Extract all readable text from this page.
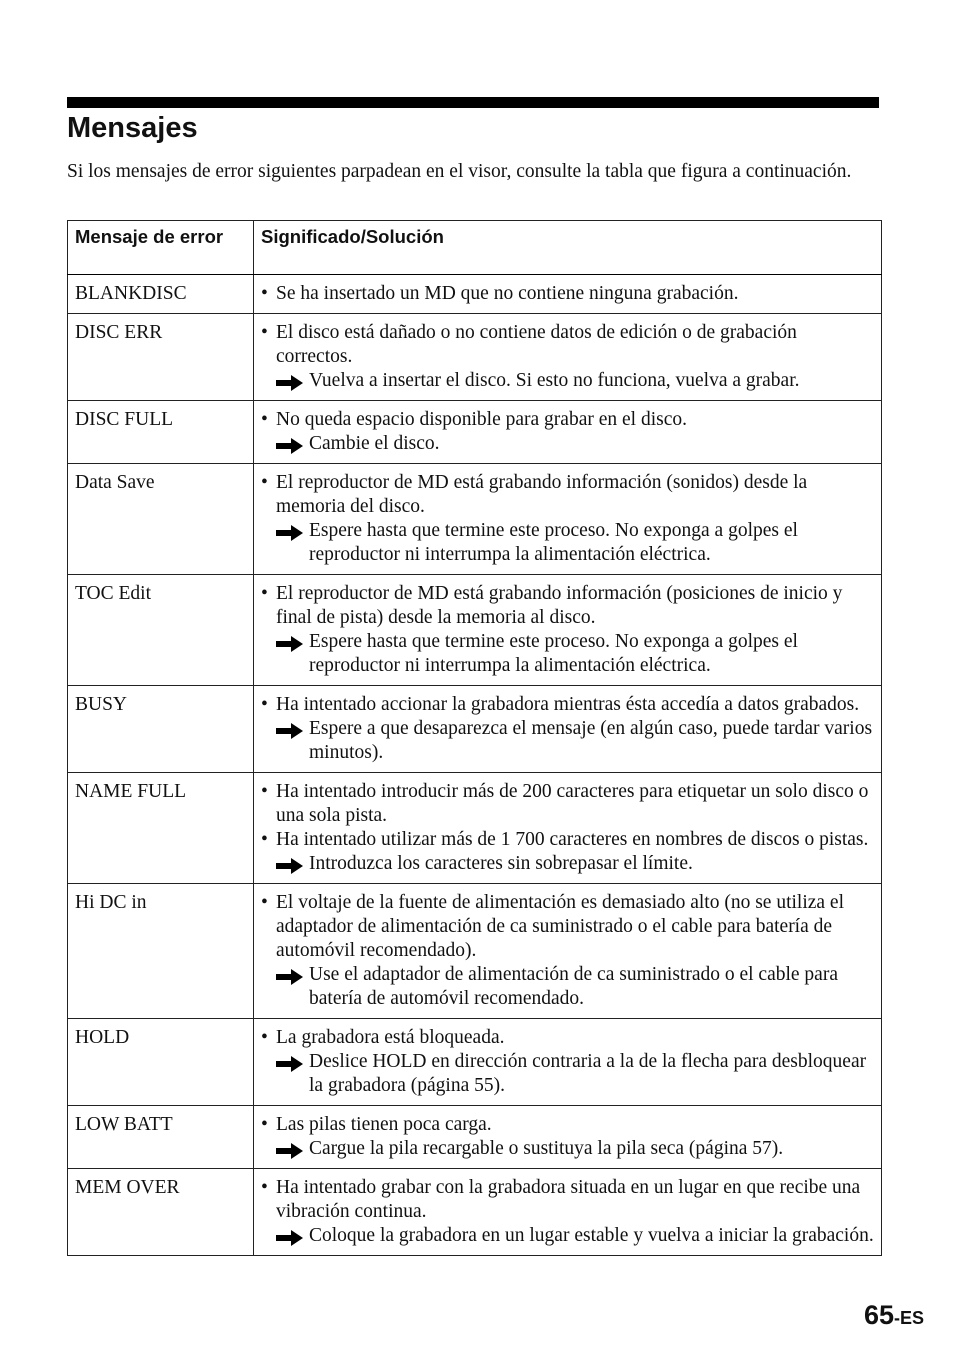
Mensajes

Si los mensajes de error siguientes parpadean en el visor, consulte la tabla que figura a continuación.

Mensaje de error	Significado/Solución
BLANKDISC	• Se ha insertado un MD que no contiene ninguna grabación.

DISC ERR	• El disco está dañado o no contiene datos de edición o de grabación correctos.
Vuelva a insertar el disco. Si esto no funciona, vuelva a grabar.

DISC FULL	• No queda espacio disponible para grabar en el disco.
Cambie el disco.

Data Save	• El reproductor de MD está grabando información (sonidos) desde la memoria del disco.
Espere hasta que termine este proceso. No exponga a golpes el reproductor ni interrumpa la alimentación eléctrica.

TOC Edit	• El reproductor de MD está grabando información (posiciones de inicio y final de pista) desde la memoria al disco.
Espere hasta que termine este proceso. No exponga a golpes el reproductor ni interrumpa la alimentación eléctrica.

BUSY	• Ha intentado accionar la grabadora mientras ésta accedía a datos grabados.
Espere a que desaparezca el mensaje (en algún caso, puede tardar varios minutos).

NAME FULL	• Ha intentado introducir más de 200 caracteres para etiquetar un solo disco o una sola pista.
• Ha intentado utilizar más de 1 700 caracteres en nombres de discos o pistas.
Introduzca los caracteres sin sobrepasar el límite.

Hi DC in	• El voltaje de la fuente de alimentación es demasiado alto (no se utiliza el adaptador de alimentación de ca suministrado o el cable para batería de automóvil recomendado).
Use el adaptador de alimentación de ca suministrado o el cable para batería de automóvil recomendado.

HOLD	• La grabadora está bloqueada.
Deslice HOLD en dirección contraria a la de la flecha para desbloquear la grabadora (página 55).

LOW BATT	• Las pilas tienen poca carga.
Cargue la pila recargable o sustituya la pila seca (página 57).

MEM OVER	• Ha intentado grabar con la grabadora situada en un lugar en que recibe una vibración continua.
Coloque la grabadora en un lugar estable y vuelva a iniciar la grabación.
65-ES
